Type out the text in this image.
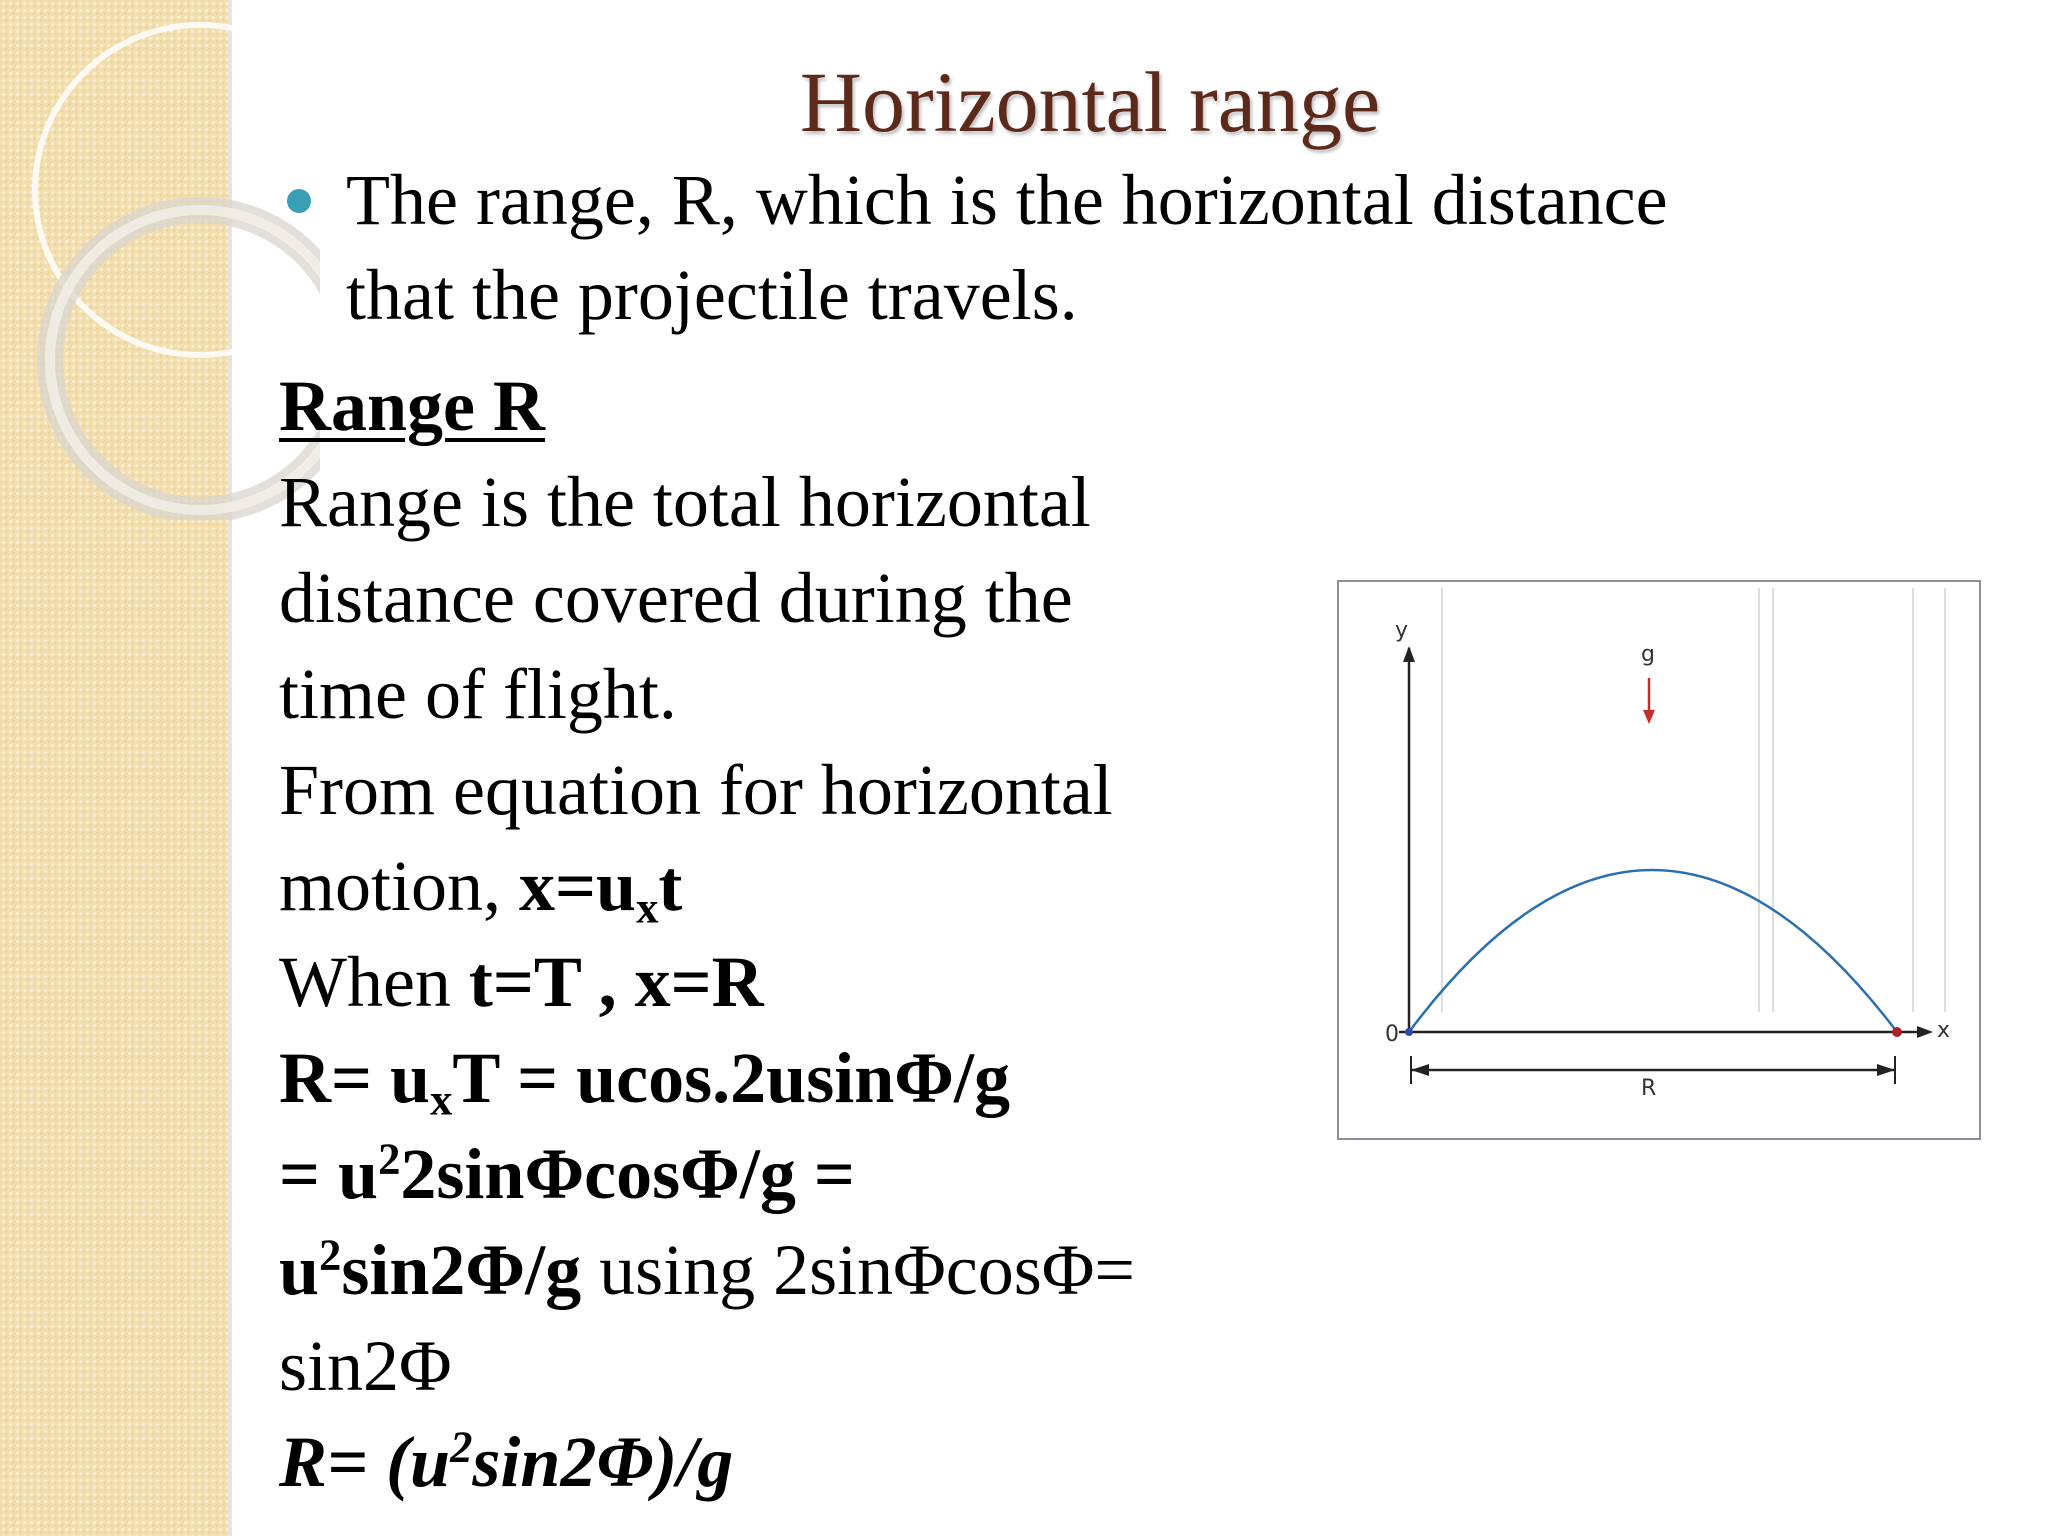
Horizontal range
The range, R, which is the horizontal distance
that the projectile travels.
Range R
Range is the total horizontal
distance covered during the
time of flight.
From equation for horizontal
motion, $x=u_xt$
When t=T , x=R
$R= u_xT = ucos.2usin\Phi/g$
= $u^22\sin\Phi\cos\Phi/g$ =
$u^2\sin 2\Phi/g$ using 2sinΦcosΦ=
sin2Φ
$R= (u^2\sin 2\Phi)/g$
y
x
0
g
R
